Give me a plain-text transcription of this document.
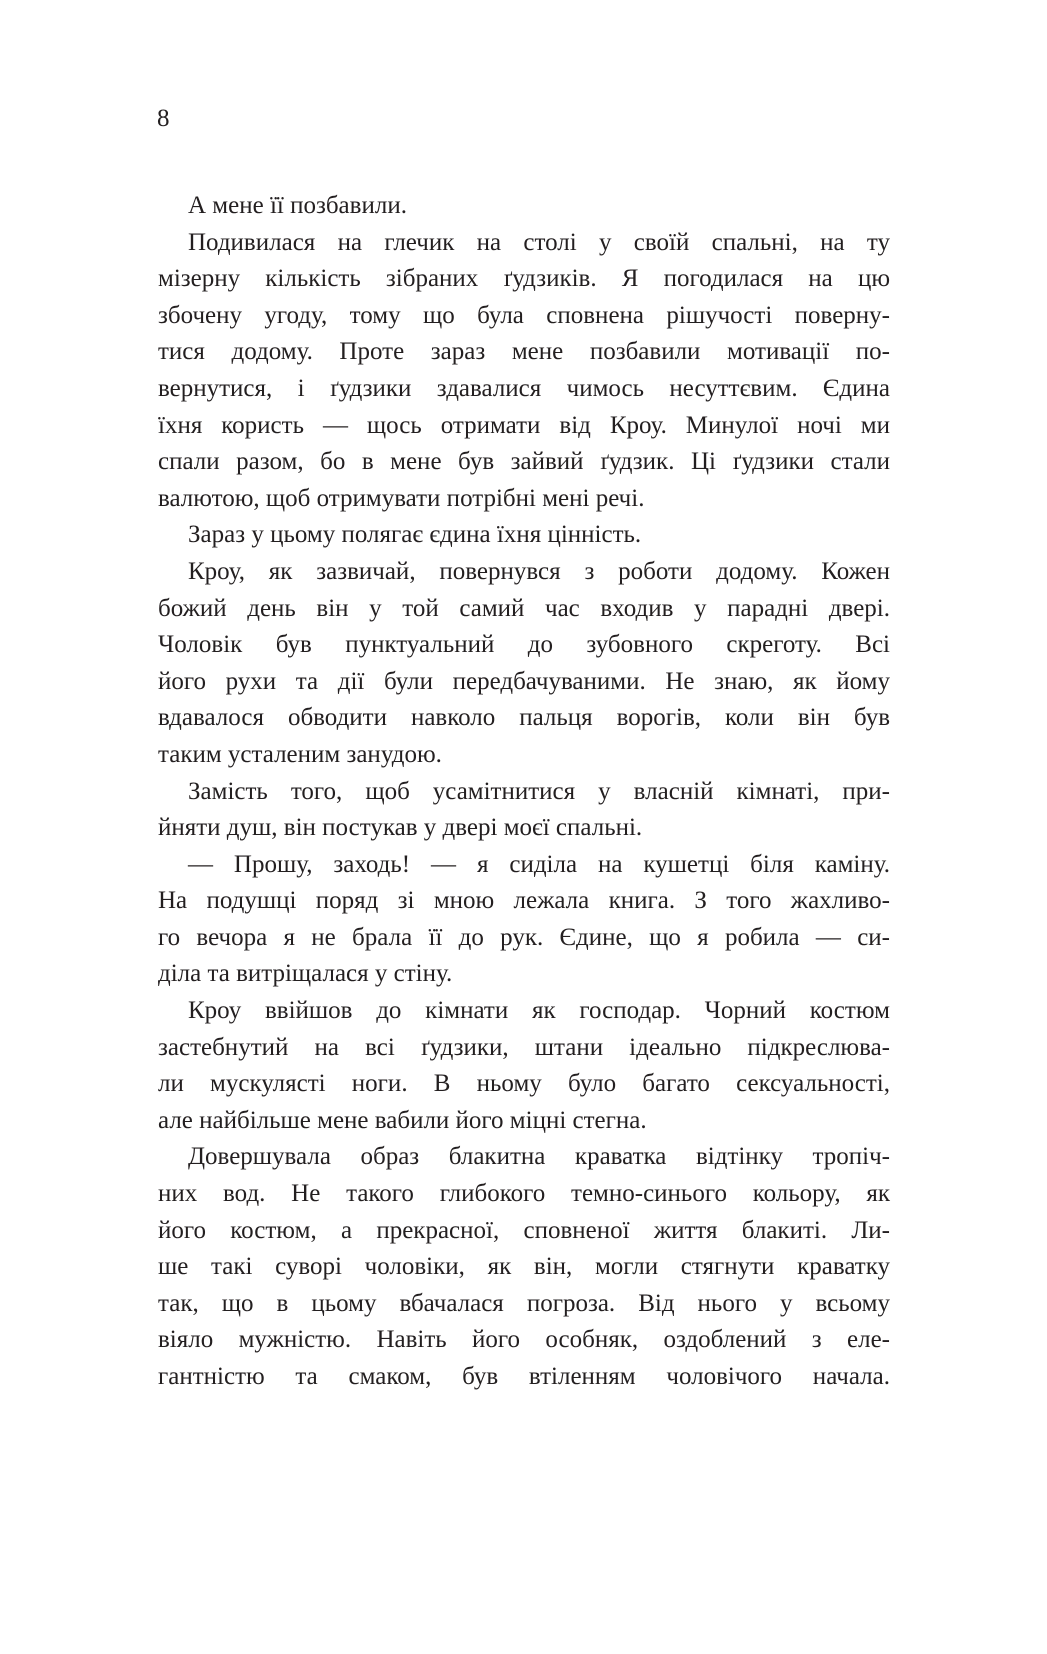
8
А мене її позбавили.
Подивилася на глечик на столі у своїй спальні, на ту
мізерну кількість зібраних ґудзиків. Я погодилася на цю
збочену угоду, тому що була сповнена рішучості поверну-
тися додому. Проте зараз мене позбавили мотивації по-
вернутися, і ґудзики здавалися чимось несуттєвим. Єдина
їхня користь — щось отримати від Кроу. Минулої ночі ми
спали разом, бо в мене був зайвий ґудзик. Ці ґудзики стали
валютою, щоб отримувати потрібні мені речі.
Зараз у цьому полягає єдина їхня цінність.
Кроу, як зазвичай, повернувся з роботи додому. Кожен
божий день він у той самий час входив у парадні двері.
Чоловік був пунктуальний до зубовного скреготу. Всі
його рухи та дії були передбачуваними. Не знаю, як йому
вдавалося обводити навколо пальця ворогів, коли він був
таким усталеним занудою.
Замість того, щоб усамітнитися у власній кімнаті, при-
йняти душ, він постукав у двері моєї спальні.
— Прошу, заходь! — я сиділа на кушетці біля каміну.
На подушці поряд зі мною лежала книга. З того жахливо-
го вечора я не брала її до рук. Єдине, що я робила — си-
діла та витріщалася у стіну.
Кроу ввійшов до кімнати як господар. Чорний костюм
застебнутий на всі ґудзики, штани ідеально підкреслюва-
ли мускулясті ноги. В ньому було багато сексуальності,
але найбільше мене вабили його міцні стегна.
Довершувала образ блакитна краватка відтінку тропіч-
них вод. Не такого глибокого темно-синього кольору, як
його костюм, а прекрасної, сповненої життя блакиті. Ли-
ше такі суворі чоловіки, як він, могли стягнути краватку
так, що в цьому вбачалася погроза. Від нього у всьому
віяло мужністю. Навіть його особняк, оздоблений з еле-
гантністю та смаком, був втіленням чоловічого начала.
